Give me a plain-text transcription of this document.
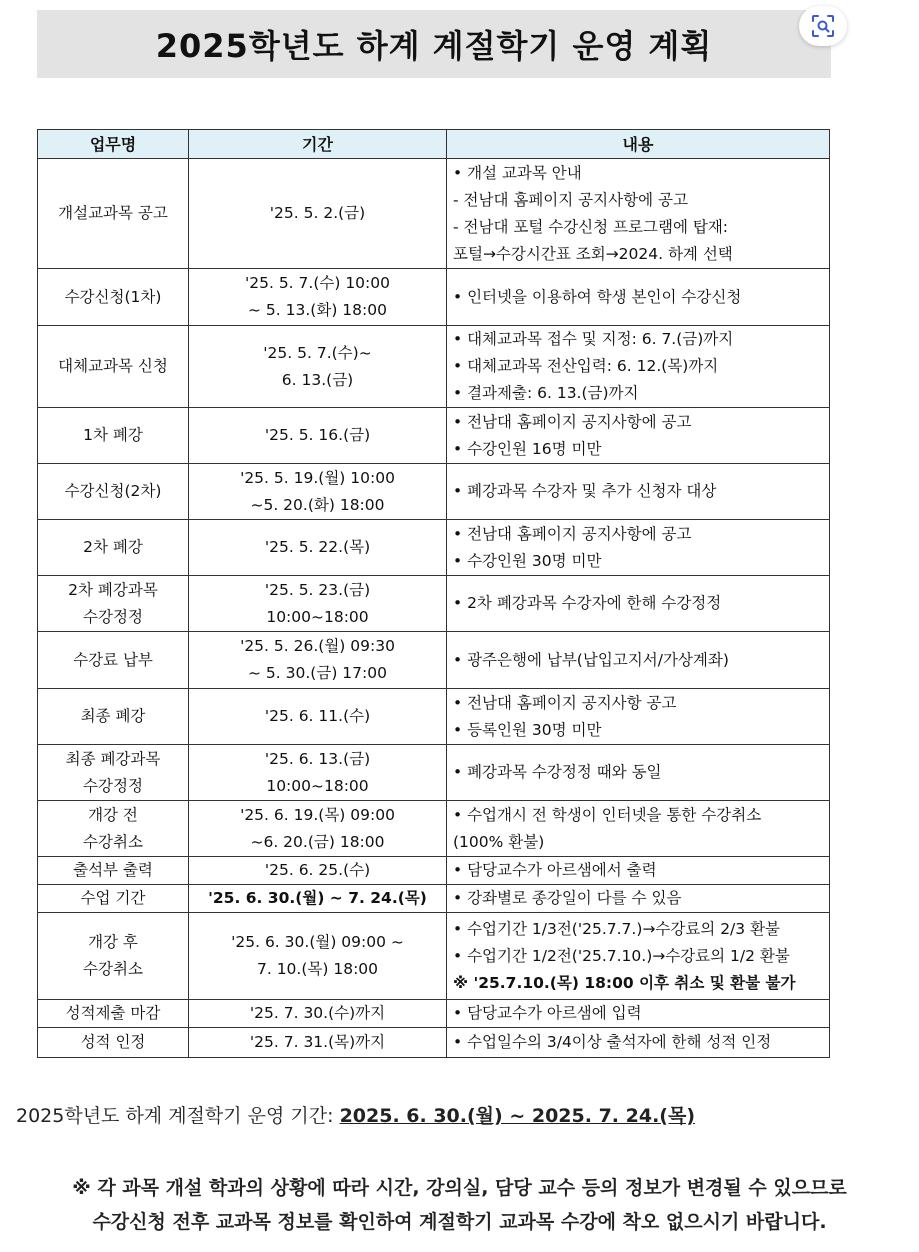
2025학년도 하계 계절학기 운영 계획
업무명	기간	내용

개설교과목 공고	'25. 5. 2.(금)	• 개설 교과목 안내
- 전남대 홈페이지 공지사항에 공고
- 전남대 포털 수강신청 프로그램에 탑재:
포털→수강시간표 조회→2024. 하계 선택

수강신청(1차)	'25. 5. 7.(수) 10:00
~ 5. 13.(화) 18:00	• 인터넷을 이용하여 학생 본인이 수강신청

대체교과목 신청	'25. 5. 7.(수)~
6. 13.(금)	• 대체교과목 접수 및 지정: 6. 7.(금)까지
• 대체교과목 전산입력: 6. 12.(목)까지
• 결과제출: 6. 13.(금)까지

1차 폐강	'25. 5. 16.(금)	• 전남대 홈페이지 공지사항에 공고
• 수강인원 16명 미만

수강신청(2차)	'25. 5. 19.(월) 10:00
~5. 20.(화) 18:00	• 폐강과목 수강자 및 추가 신청자 대상

2차 폐강	'25. 5. 22.(목)	• 전남대 홈페이지 공지사항에 공고
• 수강인원 30명 미만

2차 폐강과목
수강정정	'25. 5. 23.(금)
10:00~18:00	• 2차 폐강과목 수강자에 한해 수강정정

수강료 납부	'25. 5. 26.(월) 09:30
~ 5. 30.(금) 17:00	• 광주은행에 납부(납입고지서/가상계좌)

최종 폐강	'25. 6. 11.(수)	• 전남대 홈페이지 공지사항 공고
• 등록인원 30명 미만

최종 폐강과목
수강정정	'25. 6. 13.(금)
10:00~18:00	• 폐강과목 수강정정 때와 동일

개강 전
수강취소	'25. 6. 19.(목) 09:00
~6. 20.(금) 18:00	• 수업개시 전 학생이 인터넷을 통한 수강취소
(100% 환불)

출석부 출력	'25. 6. 25.(수)	• 담당교수가 아르샘에서 출력

수업 기간	'25. 6. 30.(월) ~ 7. 24.(목)	• 강좌별로 종강일이 다를 수 있음

개강 후
수강취소	'25. 6. 30.(월) 09:00 ~
7. 10.(목) 18:00	• 수업기간 1/3전('25.7.7.)→수강료의 2/3 환불
• 수업기간 1/2전('25.7.10.)→수강료의 1/2 환불
※ '25.7.10.(목) 18:00 이후 취소 및 환불 불가

성적제출 마감	'25. 7. 30.(수)까지	• 담당교수가 아르샘에 입력

성적 인정	'25. 7. 31.(목)까지	• 수업일수의 3/4이상 출석자에 한해 성적 인정
2025학년도 하계 계절학기 운영 기간: 2025. 6. 30.(월) ~ 2025. 7. 24.(목)
※ 각 과목 개설 학과의 상황에 따라 시간, 강의실, 담당 교수 등의 정보가 변경될 수 있으므로
수강신청 전후 교과목 정보를 확인하여 계절학기 교과목 수강에 착오 없으시기 바랍니다.
